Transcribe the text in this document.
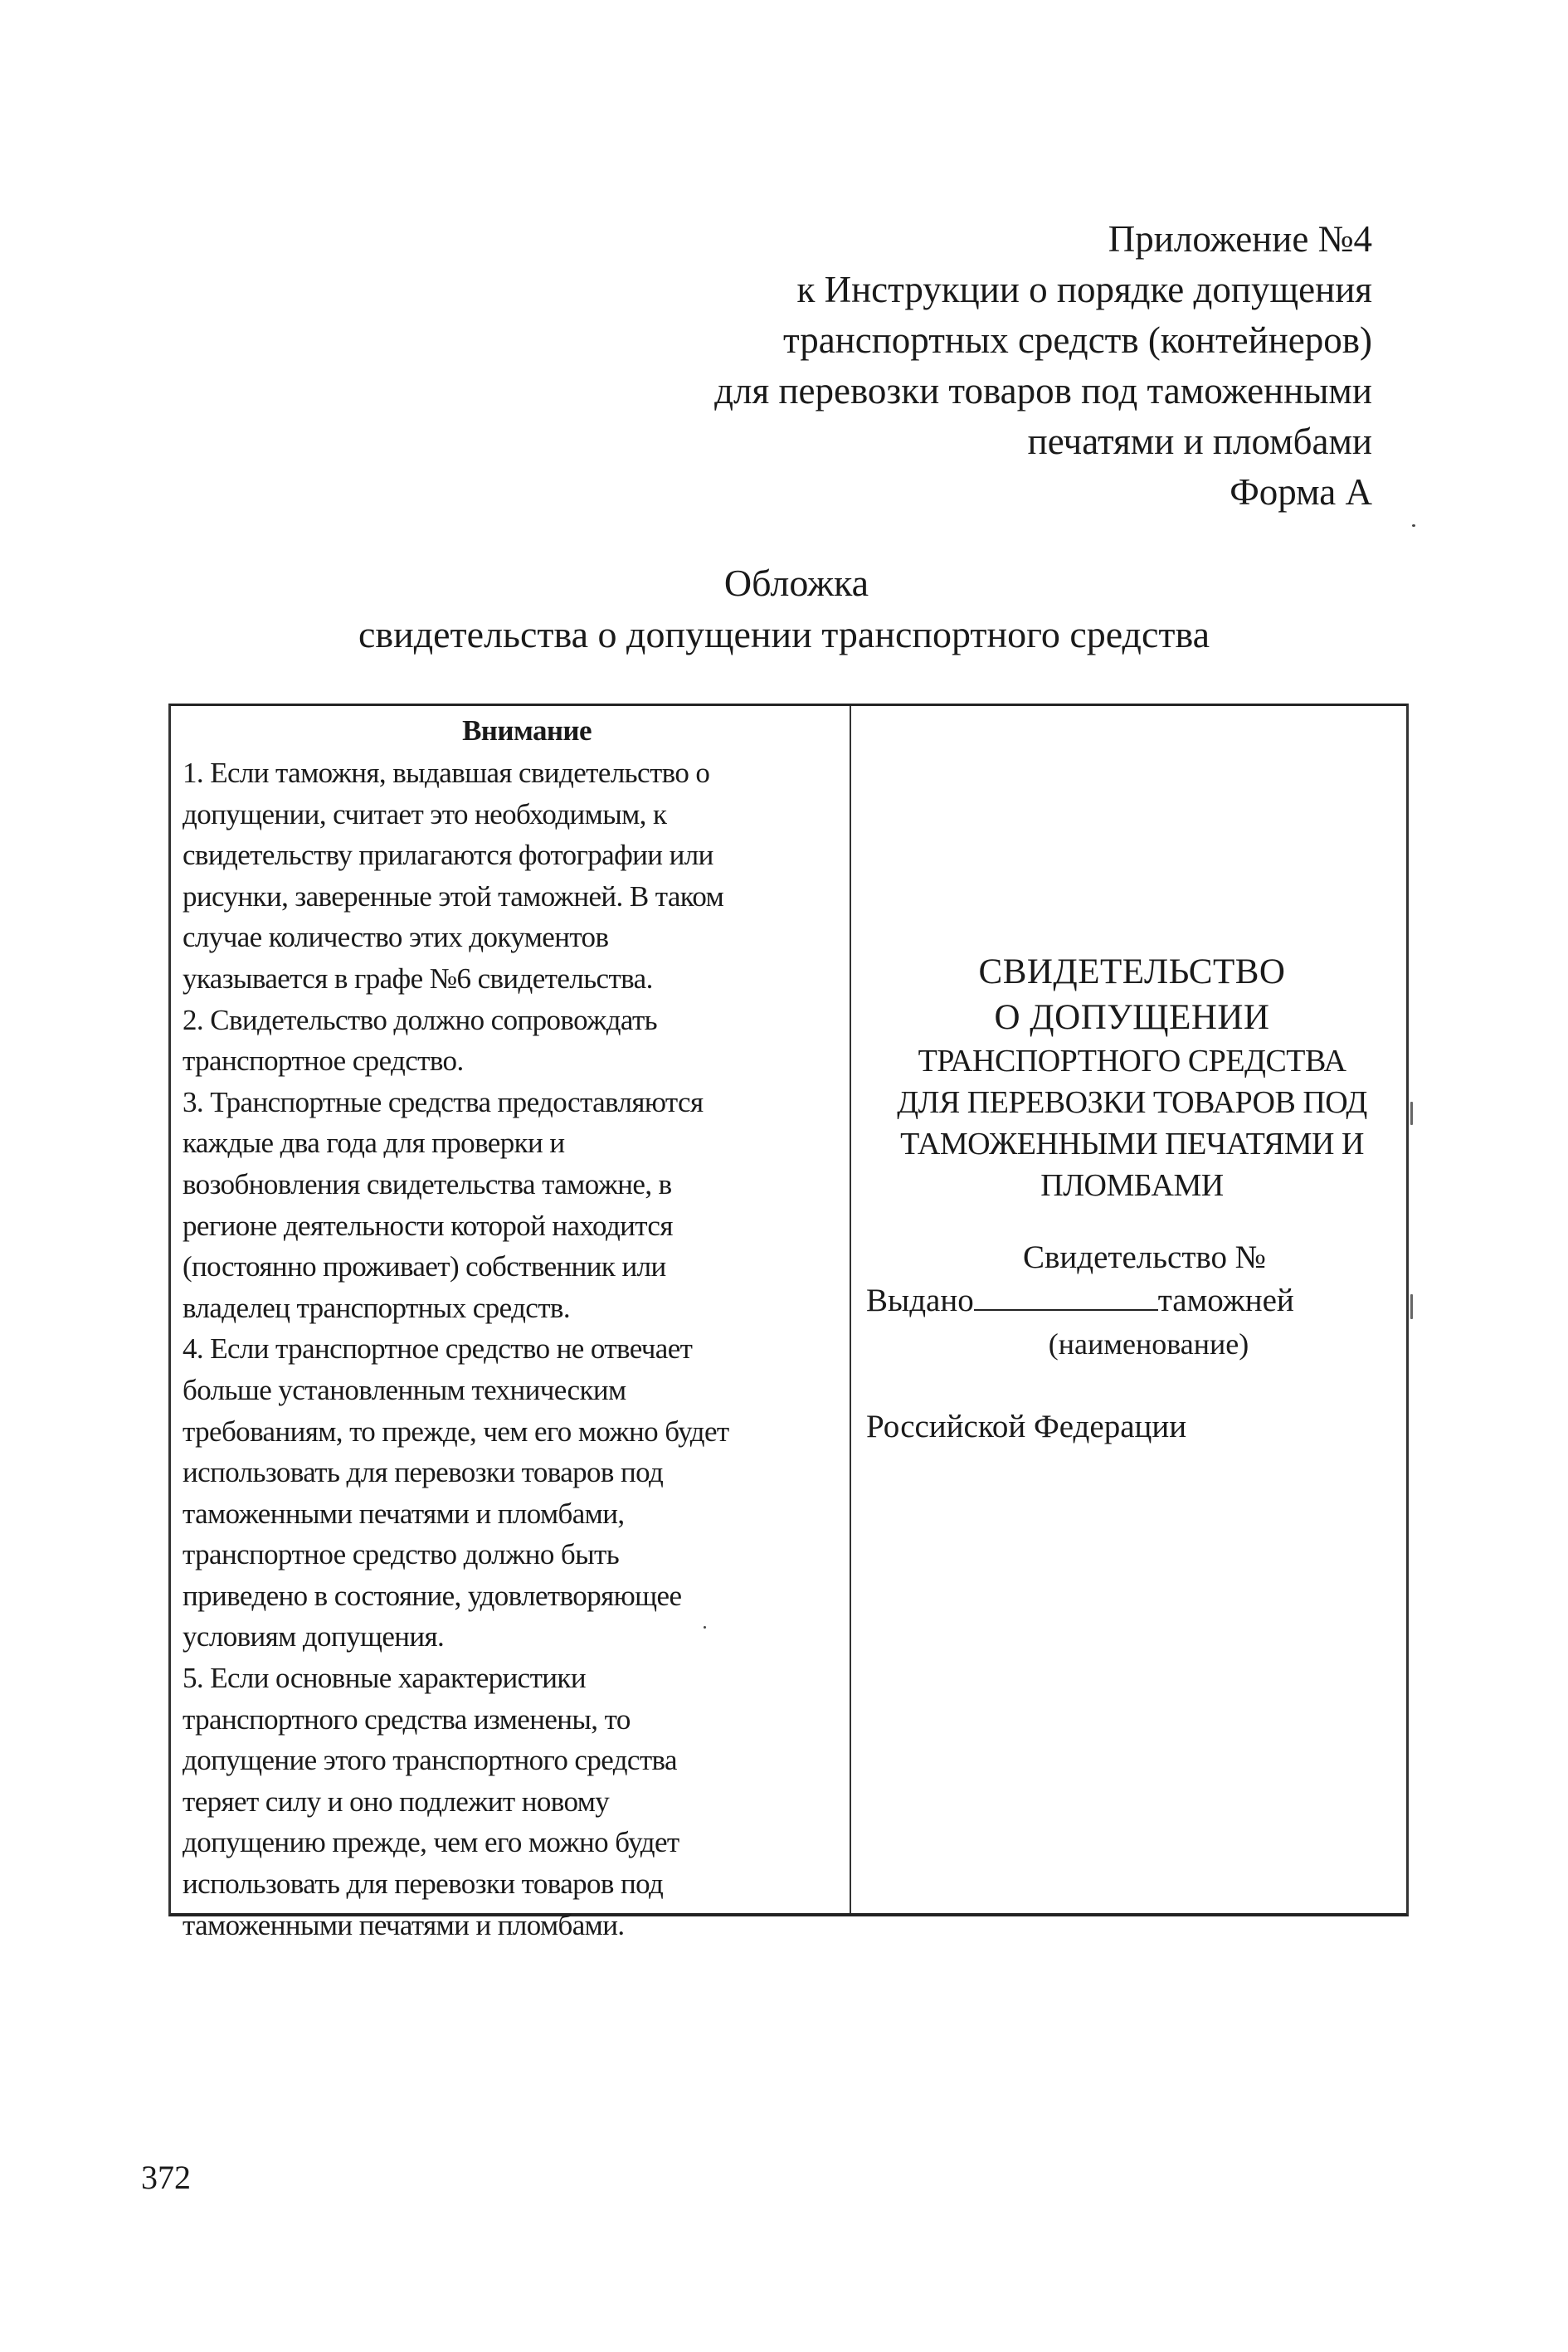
Приложение №4
к Инструкции о порядке допущения
транспортных средств (контейнеров)
для перевозки товаров под таможенными
печатями и пломбами
Форма А
Обложка
свидетельства о допущении транспортного средства
Внимание
1. Если таможня, выдавшая свидетельство о
допущении, считает это необходимым, к
свидетельству прилагаются фотографии или
рисунки, заверенные этой таможней. В таком
случае количество этих документов
указывается в графе №6 свидетельства.
2. Свидетельство должно сопровождать
транспортное средство.
3. Транспортные средства предоставляются
каждые два года для проверки и
возобновления свидетельства таможне, в
регионе деятельности которой находится
(постоянно проживает) собственник или
владелец транспортных средств.
4. Если транспортное средство не отвечает
больше установленным техническим
требованиям, то прежде, чем его можно будет
использовать для перевозки товаров под
таможенными печатями и пломбами,
транспортное средство должно быть
приведено в состояние, удовлетворяющее
условиям допущения.
5. Если основные характеристики
транспортного средства изменены, то
допущение этого транспортного средства
теряет силу и оно подлежит новому
допущению прежде, чем его можно будет
использовать для перевозки товаров под
таможенными печатями и пломбами.
СВИДЕТЕЛЬСТВО
О ДОПУЩЕНИИ
ТРАНСПОРТНОГО СРЕДСТВА
ДЛЯ ПЕРЕВОЗКИ ТОВАРОВ ПОД
ТАМОЖЕННЫМИ ПЕЧАТЯМИ И
ПЛОМБАМИ
Свидетельство №
Выдано	таможней
(наименование)
Российской Федерации
372
